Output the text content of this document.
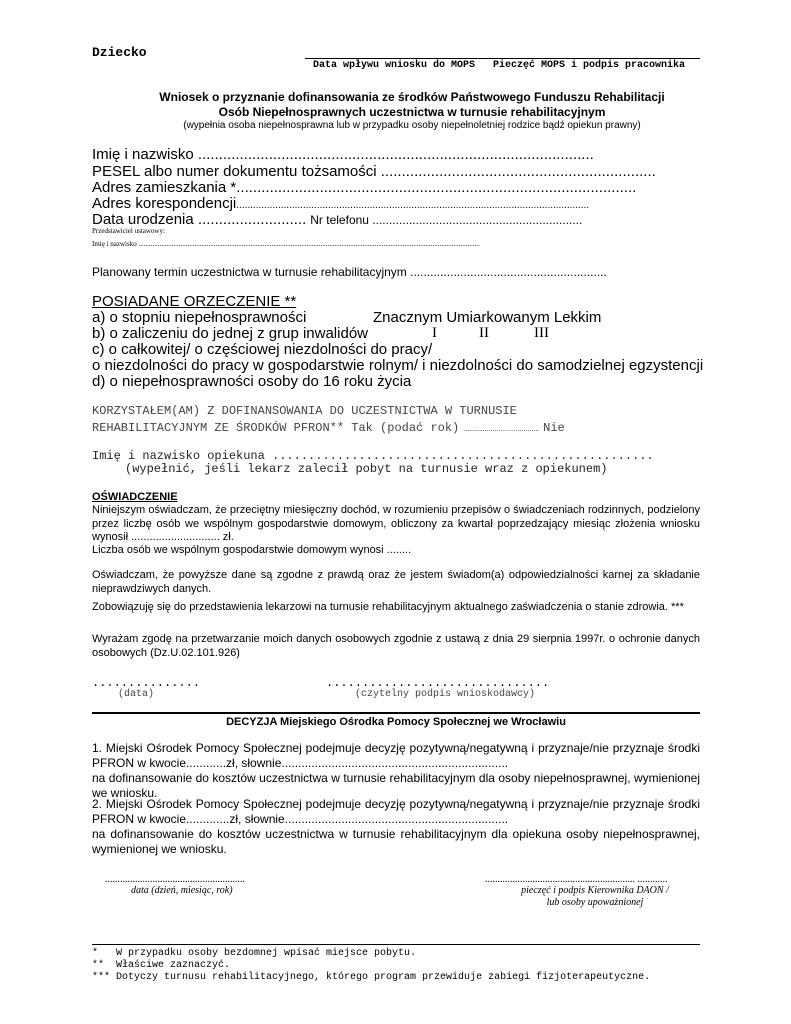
Dziecko
Data wpływu wniosku do MOPS   Pieczęć MOPS i podpis pracownika
Wniosek o przyznanie dofinansowania ze środków Państwowego Funduszu Rehabilitacji
Osób Niepełnosprawnych uczestnictwa w turnusie rehabilitacyjnym
(wypełnia osoba niepełnosprawna lub w przypadku osoby niepełnoletniej rodzice bądź opiekun prawny)
Imię i nazwisko ...............................................................................................
PESEL albo numer dokumentu tożsamości ..................................................................
Adres zamieszkania *................................................................................................
Adres korespondencji...............................................................................................................................
Data urodzenia .......................... Nr telefonu ...............................................................
Przedstawiciel ustawowy:
Imię i nazwisko ...................................................................................................................................................................................................
Planowany termin uczestnictwa w turnusie rehabilitacyjnym ...........................................................
POSIADANE ORZECZENIE **
a) o stopniu niepełnosprawności	Znacznym Umiarkowanym Lekkim
b) o zaliczeniu do jednej z grup inwalidów	I	II	III
c) o całkowitej/ o częściowej niezdolności do pracy/
o niezdolności do pracy w gospodarstwie rolnym/ i niezdolności do samodzielnej egzystencji
d) o niepełnosprawności osoby do 16 roku życia
KORZYSTAŁEM(AM) Z DOFINANSOWANIA DO UCZESTNICTWA W TURNUSIE
REHABILITACYJNYM ZE ŚRODKÓW PFRON** Tak (podać rok) ....................................... Nie
Imię i nazwisko opiekuna .....................................................
(wypełnić, jeśli lekarz zalecił pobyt na turnusie wraz z opiekunem)
OŚWIADCZENIE
Niniejszym oświadczam, że przeciętny miesięczny dochód, w rozumieniu przepisów o świadczeniach rodzinnych, podzielony przez liczbę osób we wspólnym gospodarstwie domowym, obliczony za kwartał poprzedzający miesiąc złożenia wniosku wynosił ............................. zł.
Liczba osób we wspólnym gospodarstwie domowym wynosi ........
Oświadczam, że powyższe dane są zgodne z prawdą oraz że jestem świadom(a) odpowiedzialności karnej za składanie nieprawdziwych danych.
Zobowiązuję się do przedstawienia lekarzowi na turnusie rehabilitacyjnym aktualnego zaświadczenia o stanie zdrowia. ***
Wyrażam zgodę na przetwarzanie moich danych osobowych zgodnie z ustawą z dnia 29 sierpnia 1997r. o ochronie danych osobowych (Dz.U.02.101.926)
...............
(data)
...............................
(czytelny podpis wnioskodawcy)
DECYZJA Miejskiego Ośrodka Pomocy Społecznej we Wrocławiu
1. Miejski Ośrodek Pomocy Społecznej podejmuje decyzję pozytywną/negatywną i przyznaje/nie przyznaje środki PFRON w kwocie............zł, słownie....................................................................
na dofinansowanie do kosztów uczestnictwa w turnusie rehabilitacyjnym dla osoby niepełnosprawnej, wymienionej we wniosku.
2. Miejski Ośrodek Pomocy Społecznej podejmuje decyzję pozytywną/negatywną i przyznaje/nie przyznaje środki PFRON w kwocie.............zł, słownie...................................................................
na dofinansowanie do kosztów uczestnictwa w turnusie rehabilitacyjnym dla opiekuna osoby niepełnosprawnej, wymienionej we wniosku.
........................................................
data (dzień, miesiąc, rok)
............................................................ ............
pieczęć i podpis Kierownika DAON /
lub osoby upoważnionej
*   W przypadku osoby bezdomnej wpisać miejsce pobytu.
**  Właściwe zaznaczyć.
*** Dotyczy turnusu rehabilitacyjnego, którego program przewiduje zabiegi fizjoterapeutyczne.
